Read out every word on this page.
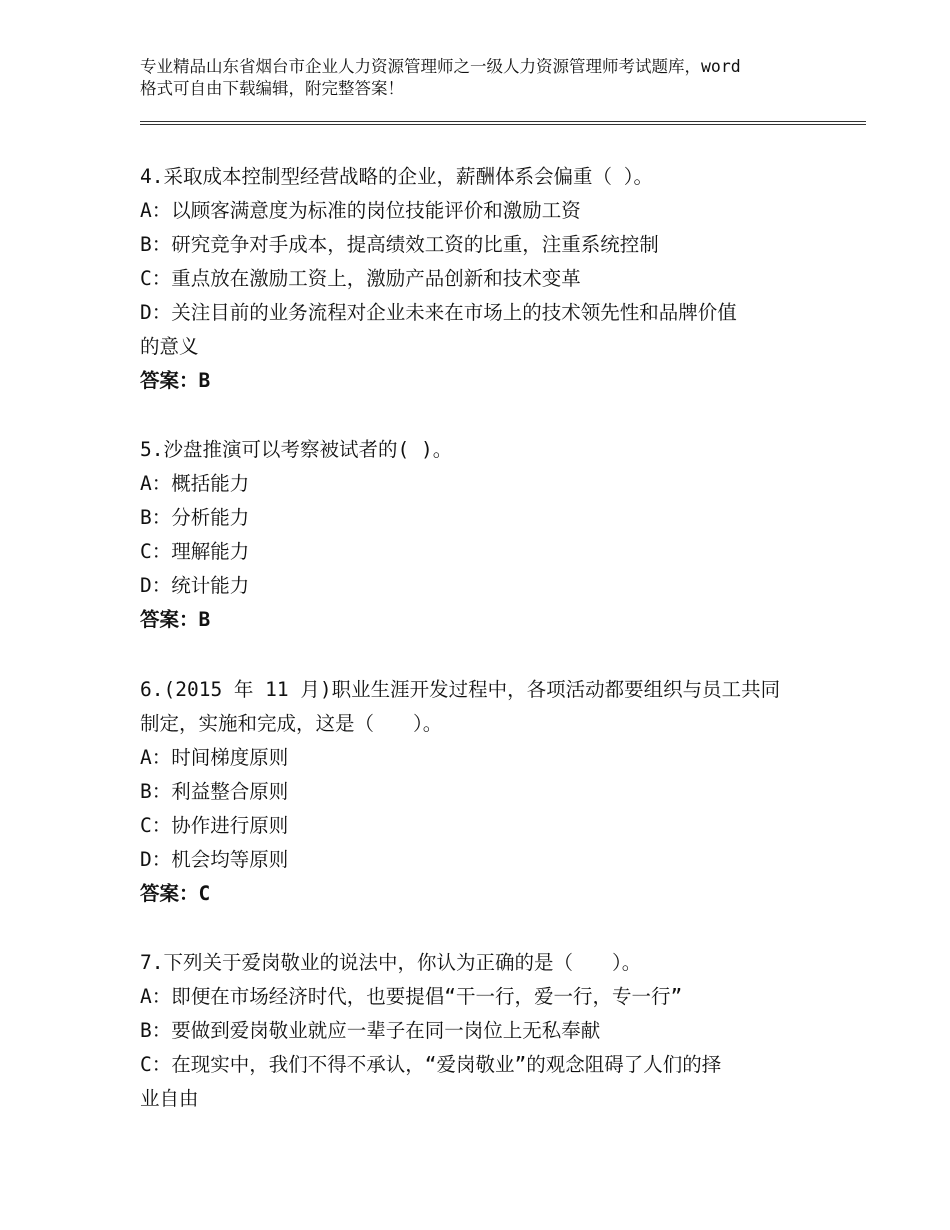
专业精品山东省烟台市企业人力资源管理师之一级人力资源管理师考试题库，word
格式可自由下载编辑，附完整答案！
4.采取成本控制型经营战略的企业，薪酬体系会偏重（ ）。
A：以顾客满意度为标准的岗位技能评价和激励工资
B：研究竞争对手成本，提高绩效工资的比重，注重系统控制
C：重点放在激励工资上，激励产品创新和技术变革
D：关注目前的业务流程对企业未来在市场上的技术领先性和品牌价值
的意义
答案：B
5.沙盘推演可以考察被试者的( )。
A：概括能力
B：分析能力
C：理解能力
D：统计能力
答案：B
6.(2015 年 11 月)职业生涯开发过程中，各项活动都要组织与员工共同
制定，实施和完成，这是（　　）。
A：时间梯度原则
B：利益整合原则
C：协作进行原则
D：机会均等原则
答案：C
7.下列关于爱岗敬业的说法中，你认为正确的是（　　）。
A：即便在市场经济时代，也要提倡“干一行，爱一行，专一行”
B：要做到爱岗敬业就应一辈子在同一岗位上无私奉献
C：在现实中，我们不得不承认，“爱岗敬业”的观念阻碍了人们的择
业自由
